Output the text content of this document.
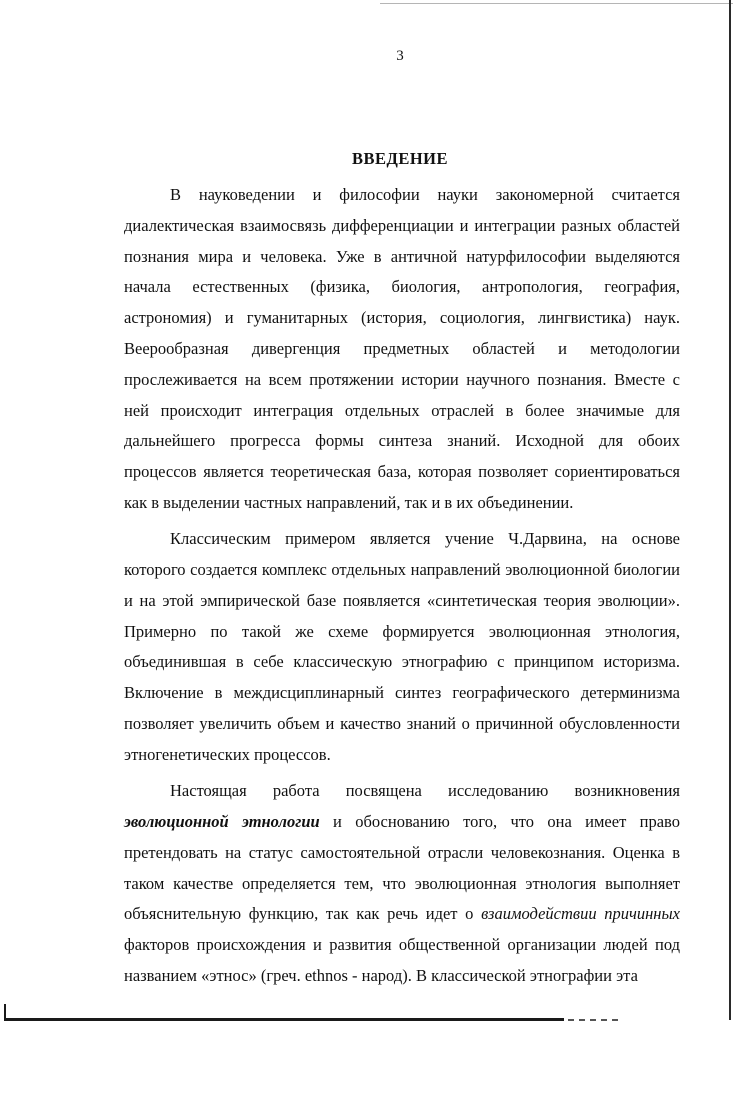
3
ВВЕДЕНИЕ

В науковедении и философии науки закономерной считается диалектическая взаимосвязь дифференциации и интеграции разных областей познания мира и человека. Уже в античной натурфилософии выделяются начала естественных (физика, биология, антропология, география, астрономия) и гуманитарных (история, социология, лингвистика) наук. Веерообразная дивергенция предметных областей и методологии прослеживается на всем протяжении истории научного познания. Вместе с ней происходит интеграция отдельных отраслей в более значимые для дальнейшего прогресса формы синтеза знаний. Исходной для обоих процессов является теоретическая база, которая позволяет сориентироваться как в выделении частных направлений, так и в их объединении.

Классическим примером является учение Ч.Дарвина, на основе которого создается комплекс отдельных направлений эволюционной биологии и на этой эмпирической базе появляется «синтетическая теория эволюции». Примерно по такой же схеме формируется эволюционная этнология, объединившая в себе классическую этнографию с принципом историзма. Включение в междисциплинарный синтез географического детерминизма позволяет увеличить объем и качество знаний о причинной обусловленности этногенетических процессов.

Настоящая работа посвящена исследованию возникновения эволюционной этнологии и обоснованию того, что она имеет право претендовать на статус самостоятельной отрасли человекознания. Оценка в таком качестве определяется тем, что эволюционная этнология выполняет объяснительную функцию, так как речь идет о взаимодействии причинных факторов происхождения и развития общественной организации людей под названием «этнос» (греч. ethnos - народ). В классической этнографии эта
